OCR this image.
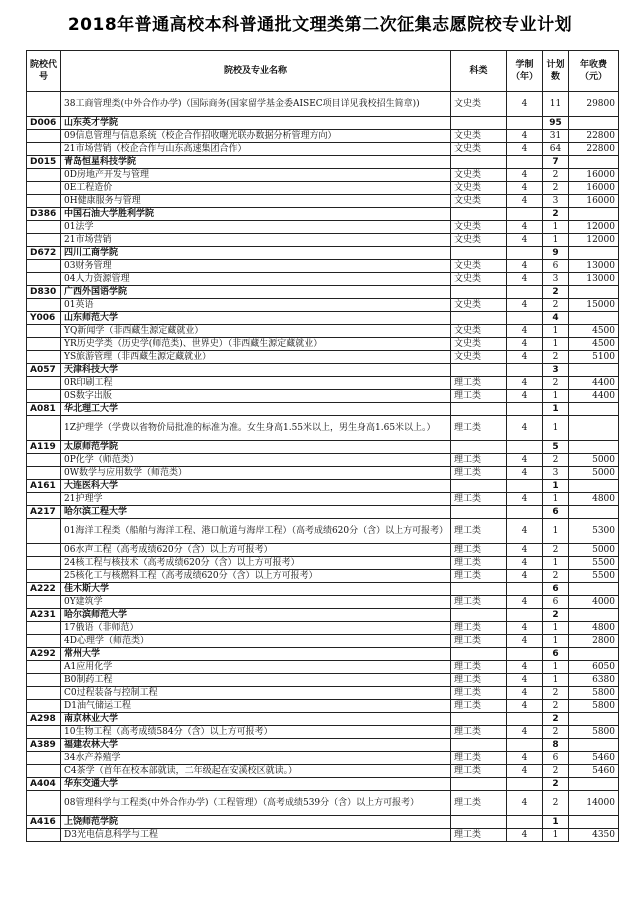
2018年普通高校本科普通批文理类第二次征集志愿院校专业计划
院校代号	院校及专业名称	科类	学制（年）	计划数	年收费（元）
	38工商管理类(中外合作办学)（国际商务(国家留学基金委AISEC项目详见我校招生简章))	文史类	4	11	29800
D006	山东英才学院			95	
	09信息管理与信息系统（校企合作招收曙光联办数据分析管理方向）	文史类	4	31	22800
	21市场营销（校企合作与山东高速集团合作）	文史类	4	64	22800
D015	青岛恒星科技学院			7	
	0D房地产开发与管理	文史类	4	2	16000
	0E工程造价	文史类	4	2	16000
	0H健康服务与管理	文史类	4	3	16000
D386	中国石油大学胜利学院			2	
	01法学	文史类	4	1	12000
	21市场营销	文史类	4	1	12000
D672	四川工商学院			9	
	03财务管理	文史类	4	6	13000
	04人力资源管理	文史类	4	3	13000
D830	广西外国语学院			2	
	01英语	文史类	4	2	15000
Y006	山东师范大学			4	
	YQ新闻学（非西藏生源定藏就业）	文史类	4	1	4500
	YR历史学类（历史学(师范类)、世界史）（非西藏生源定藏就业）	文史类	4	1	4500
	YS旅游管理（非西藏生源定藏就业）	文史类	4	2	5100
A057	天津科技大学			3	
	0R印刷工程	理工类	4	2	4400
	0S数字出版	理工类	4	1	4400
A081	华北理工大学			1	
	1Z护理学（学费以省物价局批准的标准为准。女生身高1.55米以上，男生身高1.65米以上。）	理工类	4	1	
A119	太原师范学院			5	
	0P化学（师范类）	理工类	4	2	5000
	0W数学与应用数学（师范类）	理工类	4	3	5000
A161	大连医科大学			1	
	21护理学	理工类	4	1	4800
A217	哈尔滨工程大学			6	
	01海洋工程类（船舶与海洋工程、港口航道与海岸工程）（高考成绩620分（含）以上方可报考）	理工类	4	1	5300
	06水声工程（高考成绩620分（含）以上方可报考）	理工类	4	2	5000
	24核工程与核技术（高考成绩620分（含）以上方可报考）	理工类	4	1	5500
	25核化工与核燃料工程（高考成绩620分（含）以上方可报考）	理工类	4	2	5500
A222	佳木斯大学			6	
	0Y建筑学	理工类	4	6	4000
A231	哈尔滨师范大学			2	
	17俄语（非师范）	理工类	4	1	4800
	4D心理学（师范类）	理工类	4	1	2800
A292	常州大学			6	
	A1应用化学	理工类	4	1	6050
	B0制药工程	理工类	4	1	6380
	C0过程装备与控制工程	理工类	4	2	5800
	D1油气储运工程	理工类	4	2	5800
A298	南京林业大学			2	
	10生物工程（高考成绩584分（含）以上方可报考）	理工类	4	2	5800
A389	福建农林大学			8	
	34水产养殖学	理工类	4	6	5460
	C4茶学（首年在校本部就读，二年级起在安溪校区就读。）	理工类	4	2	5460
A404	华东交通大学			2	
	08管理科学与工程类(中外合作办学)（工程管理）（高考成绩539分（含）以上方可报考）	理工类	4	2	14000
A416	上饶师范学院			1	
	D3光电信息科学与工程	理工类	4	1	4350
